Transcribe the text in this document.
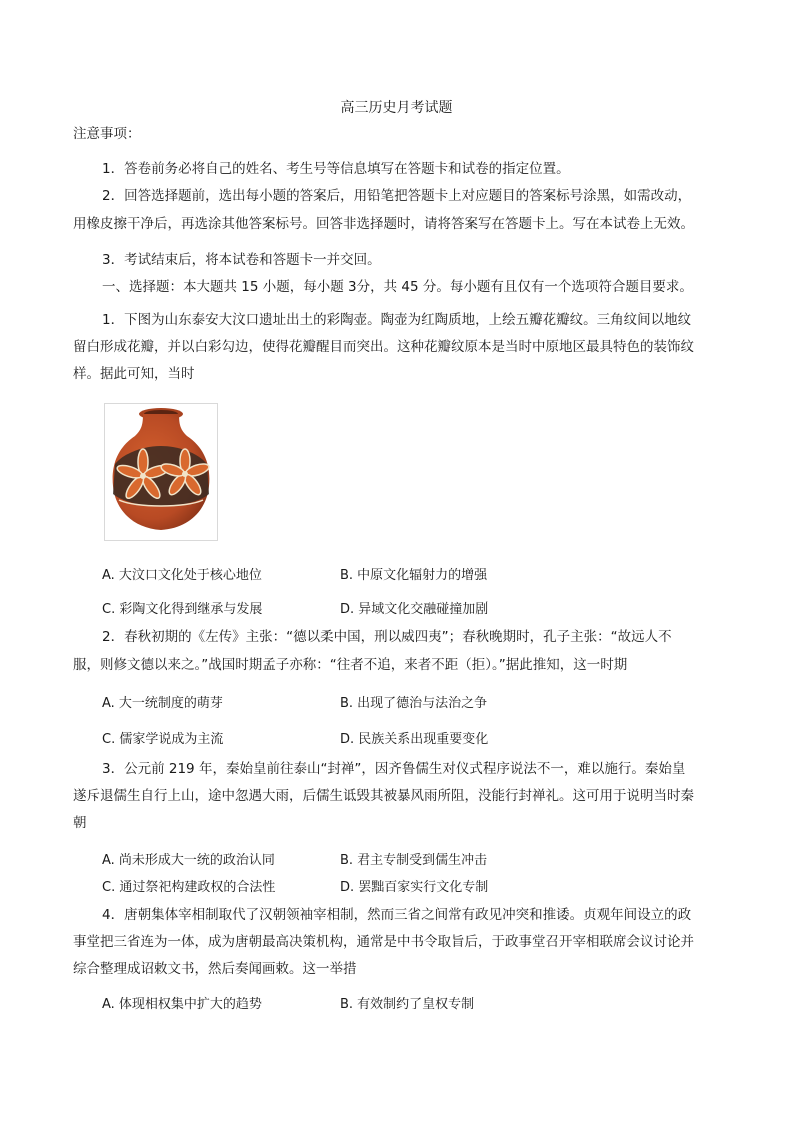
高三历史月考试题
注意事项：
1．答卷前务必将自己的姓名、考生号等信息填写在答题卡和试卷的指定位置。
2．回答选择题前，选出每小题的答案后，用铅笔把答题卡上对应题目的答案标号涂黑，如需改动，
用橡皮擦干净后，再选涂其他答案标号。回答非选择题时，请将答案写在答题卡上。写在本试卷上无效。
3．考试结束后，将本试卷和答题卡一并交回。
一、选择题：本大题共 15 小题，每小题 3分，共 45 分。每小题有且仅有一个选项符合题目要求。
1．下图为山东泰安大汶口遗址出土的彩陶壶。陶壶为红陶质地，上绘五瓣花瓣纹。三角纹间以地纹
留白形成花瓣，并以白彩勾边，使得花瓣醒目而突出。这种花瓣纹原本是当时中原地区最具特色的装饰纹
样。据此可知，当时
A. 大汶口文化处于核心地位	B. 中原文化辐射力的增强
C. 彩陶文化得到继承与发展	D. 异域文化交融碰撞加剧
2．春秋初期的《左传》主张：“德以柔中国，刑以威四夷”；春秋晚期时，孔子主张：“故远人不
服，则修文德以来之。”战国时期孟子亦称：“往者不追，来者不距（拒）。”据此推知，这一时期
A. 大一统制度的萌芽	B. 出现了德治与法治之争
C. 儒家学说成为主流	D. 民族关系出现重要变化
3．公元前 219 年，秦始皇前往泰山“封禅”，因齐鲁儒生对仪式程序说法不一，难以施行。秦始皇
遂斥退儒生自行上山，途中忽遇大雨，后儒生诋毁其被暴风雨所阻，没能行封禅礼。这可用于说明当时秦
朝
A. 尚未形成大一统的政治认同	B. 君主专制受到儒生冲击
C. 通过祭祀构建政权的合法性	D. 罢黜百家实行文化专制
4．唐朝集体宰相制取代了汉朝领袖宰相制，然而三省之间常有政见冲突和推诿。贞观年间设立的政
事堂把三省连为一体，成为唐朝最高决策机构，通常是中书令取旨后，于政事堂召开宰相联席会议讨论并
综合整理成诏敕文书，然后奏闻画敕。这一举措
A. 体现相权集中扩大的趋势	B. 有效制约了皇权专制
